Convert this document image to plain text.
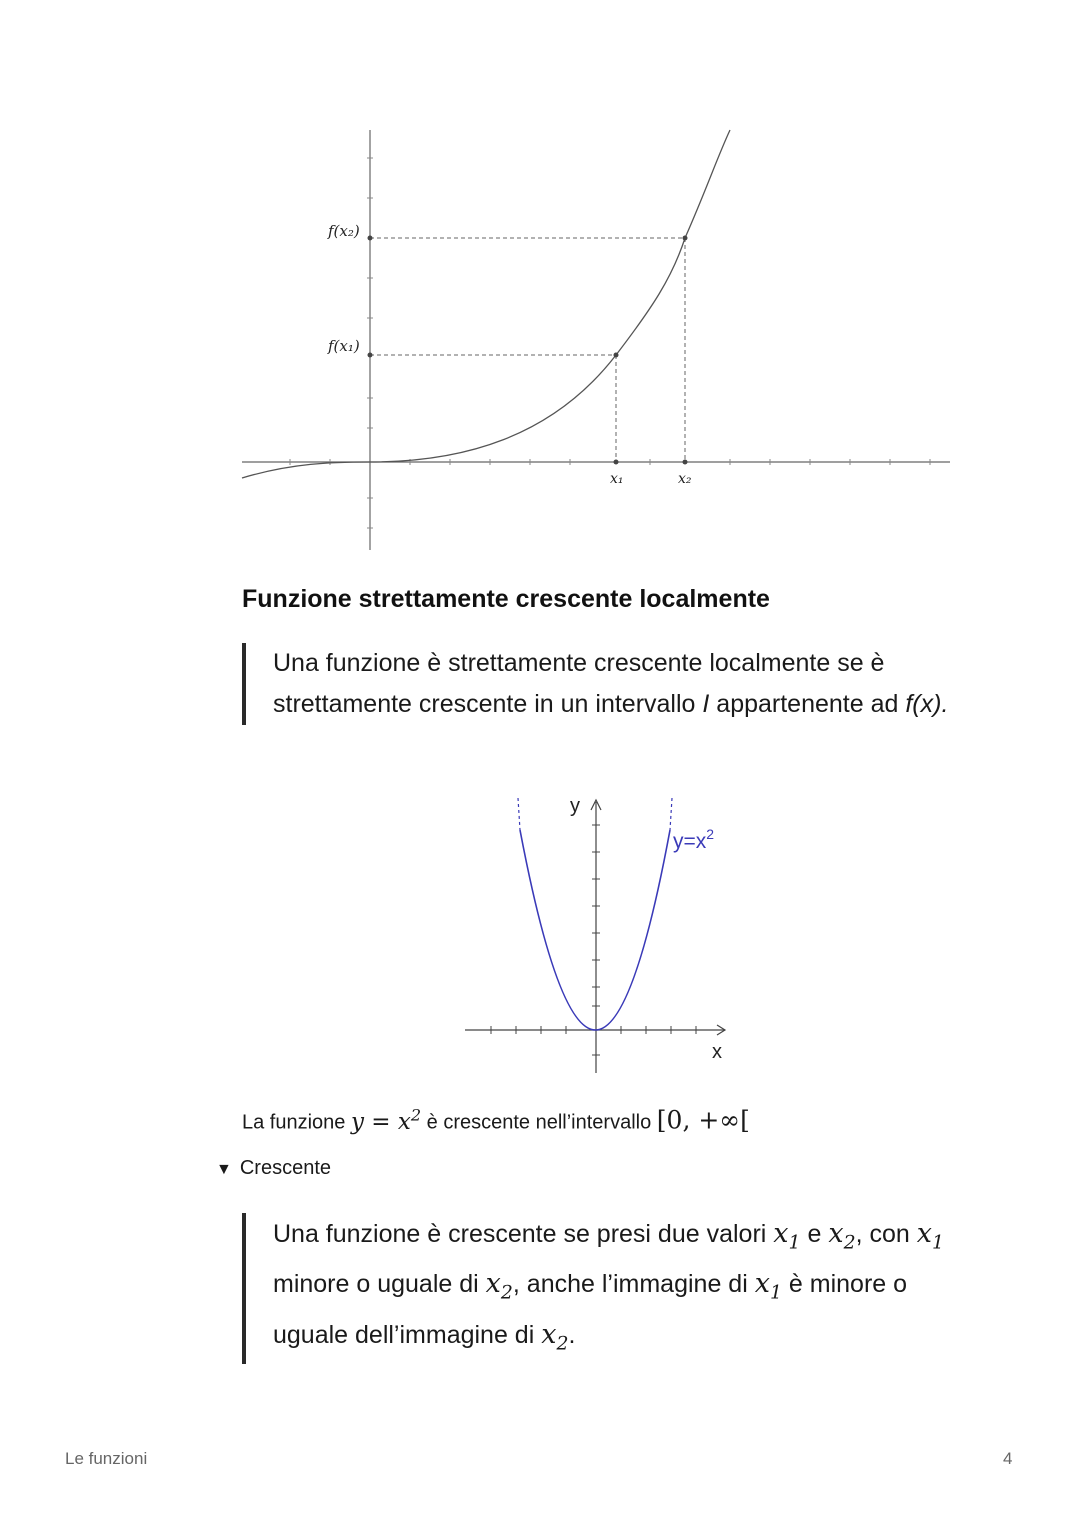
f(x₂)
f(x₁)
x₁	x₂
Funzione strettamente crescente localmente
Una funzione è strettamente crescente localmente se è strettamente crescente in un intervallo I appartenente ad f(x).
y
x
$y=x^2$
La funzione $y = x^2$ è crescente nell’intervallo [0, +∞[
▼ Crescente
Una funzione è crescente se presi due valori $x_1$ e $x_2$, con $x_1$ minore o uguale di $x_2$, anche l’immagine di $x_1$ è minore o uguale dell’immagine di $x_2$.
Le funzioni	4
